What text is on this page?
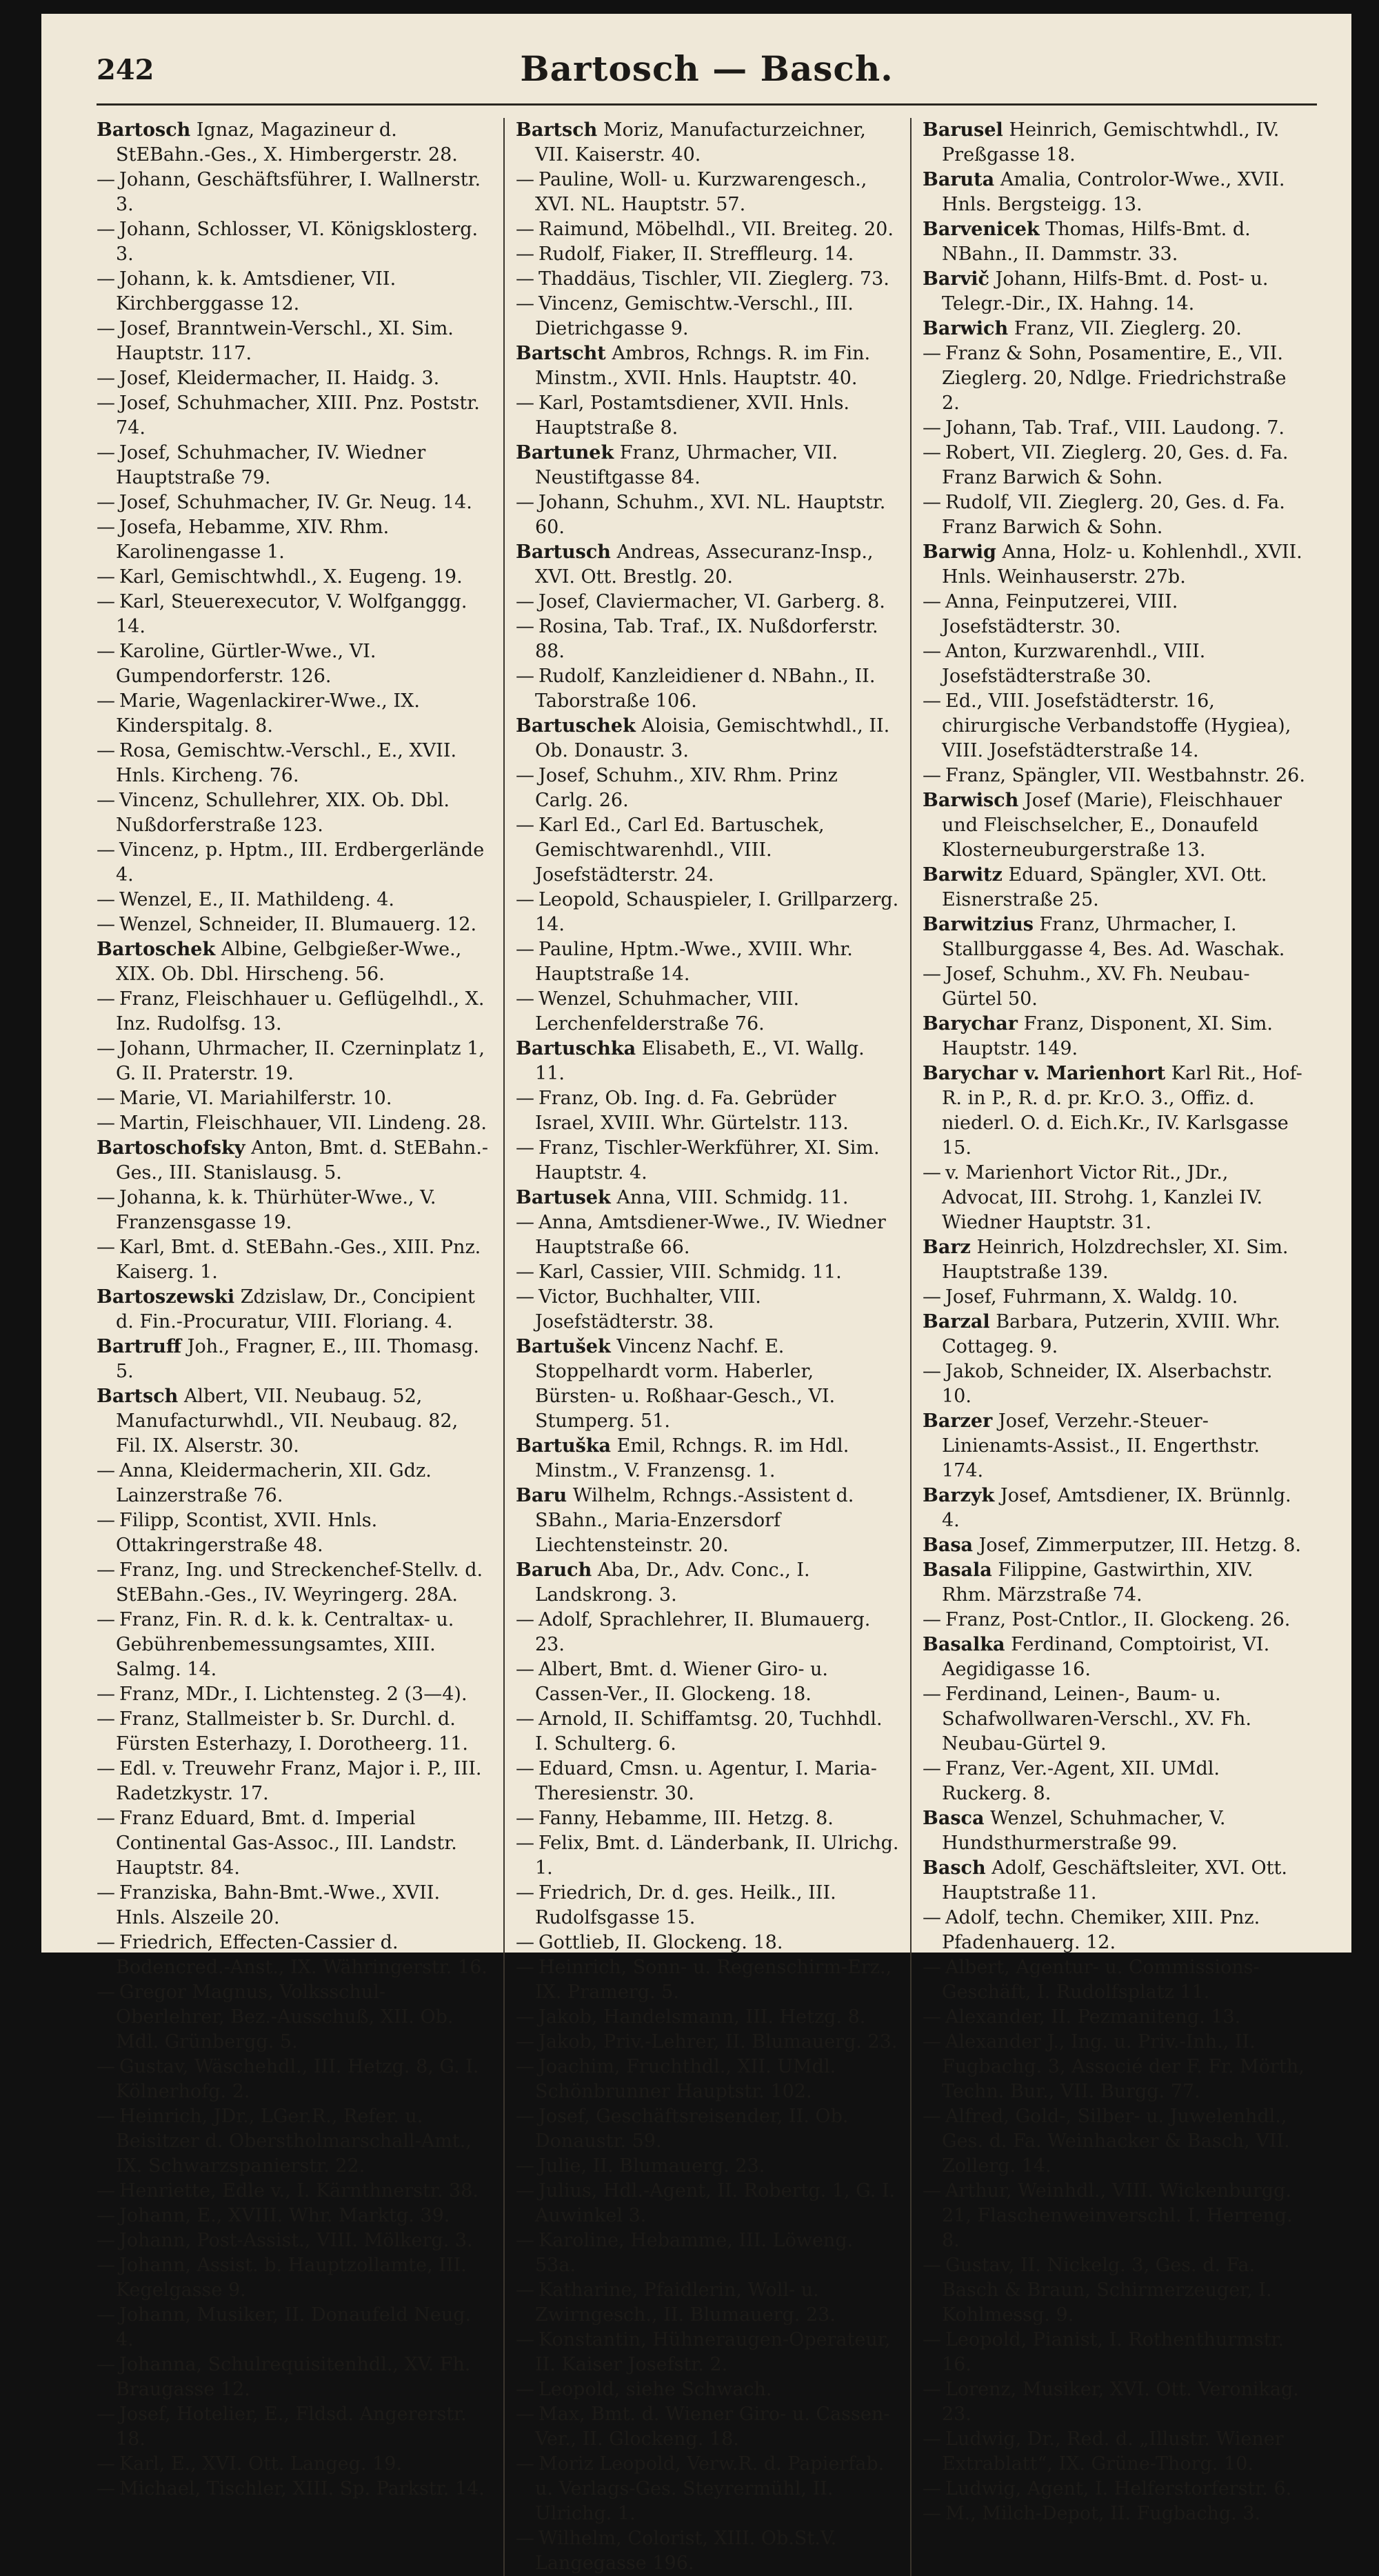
242	Bartosch — Basch.

Bartosch Ignaz, Magazineur d. StEBahn.-Ges., X. Himbergerstr. 28.

— Johann, Geschäftsführer, I. Wallnerstr. 3.

— Johann, Schlosser, VI. Königsklosterg. 3.

— Johann, k. k. Amtsdiener, VII. Kirchberggasse 12.

— Josef, Branntwein-Verschl., XI. Sim. Hauptstr. 117.

— Josef, Kleidermacher, II. Haidg. 3.

— Josef, Schuhmacher, XIII. Pnz. Poststr. 74.

— Josef, Schuhmacher, IV. Wiedner Hauptstraße 79.

— Josef, Schuhmacher, IV. Gr. Neug. 14.

— Josefa, Hebamme, XIV. Rhm. Karolinengasse 1.

— Karl, Gemischtwhdl., X. Eugeng. 19.

— Karl, Steuerexecutor, V. Wolfganggg. 14.

— Karoline, Gürtler-Wwe., VI. Gumpendorferstr. 126.

— Marie, Wagenlackirer-Wwe., IX. Kinderspitalg. 8.

— Rosa, Gemischtw.-Verschl., E., XVII. Hnls. Kircheng. 76.

— Vincenz, Schullehrer, XIX. Ob. Dbl. Nußdorferstraße 123.

— Vincenz, p. Hptm., III. Erdbergerlände 4.

— Wenzel, E., II. Mathildeng. 4.

— Wenzel, Schneider, II. Blumauerg. 12.

Bartoschek Albine, Gelbgießer-Wwe., XIX. Ob. Dbl. Hirscheng. 56.

— Franz, Fleischhauer u. Geflügelhdl., X. Inz. Rudolfsg. 13.

— Johann, Uhrmacher, II. Czerninplatz 1, G. II. Praterstr. 19.

— Marie, VI. Mariahilferstr. 10.

— Martin, Fleischhauer, VII. Lindeng. 28.

Bartoschofsky Anton, Bmt. d. StEBahn.-Ges., III. Stanislausg. 5.

— Johanna, k. k. Thürhüter-Wwe., V. Franzensgasse 19.

— Karl, Bmt. d. StEBahn.-Ges., XIII. Pnz. Kaiserg. 1.

Bartoszewski Zdzislaw, Dr., Concipient d. Fin.-Procuratur, VIII. Floriang. 4.

Bartruff Joh., Fragner, E., III. Thomasg. 5.

Bartsch Albert, VII. Neubaug. 52, Manufacturwhdl., VII. Neubaug. 82, Fil. IX. Alserstr. 30.

— Anna, Kleidermacherin, XII. Gdz. Lainzerstraße 76.

— Filipp, Scontist, XVII. Hnls. Ottakringerstraße 48.

— Franz, Ing. und Streckenchef-Stellv. d. StEBahn.-Ges., IV. Weyringerg. 28A.

— Franz, Fin. R. d. k. k. Centraltax- u. Gebührenbemessungsamtes, XIII. Salmg. 14.

— Franz, MDr., I. Lichtensteg. 2 (3—4).

— Franz, Stallmeister b. Sr. Durchl. d. Fürsten Esterhazy, I. Dorotheerg. 11.

— Edl. v. Treuwehr Franz, Major i. P., III. Radetzkystr. 17.

— Franz Eduard, Bmt. d. Imperial Continental Gas-Assoc., III. Landstr. Hauptstr. 84.

— Franziska, Bahn-Bmt.-Wwe., XVII. Hnls. Alszeile 20.

— Friedrich, Effecten-Cassier d. Bodencred.-Anst., IX. Währingerstr. 16.

— Gregor Magnus, Volksschul-Oberlehrer, Bez.-Ausschuß, XII. Ob. Mdl. Grünbergg. 5.

— Gustav, Wäschehdl., III. Hetzg. 8, G. I. Kölnerhofg. 2.

— Heinrich, JDr., LGer.R., Refer. u. Beisitzer d. Oberstholmarschall-Amt., IX. Schwarzspanierstr. 22.

— Henriette, Edle v., I. Kärnthnerstr. 38.

— Johann, E., XVIII. Whr. Marktg. 39.

— Johann, Post-Assist., VIII. Mölkerg. 3.

— Johann, Assist. b. Hauptzollamte, III. Kegelgasse 9.

— Johann, Musiker, II. Donaufeld Neug. 4.

— Johanna, Schulrequisitenhdl., XV. Fh. Braugasse 12.

— Josef, Hotelier, E., Fldsd. Angererstr. 18.

— Karl, E., XVI. Ott. Langeg. 19.

— Michael, Tischler, XIII. Sp. Parkstr. 14.

Bartsch Moriz, Manufacturzeichner, VII. Kaiserstr. 40.

— Pauline, Woll- u. Kurzwarengesch., XVI. NL. Hauptstr. 57.

— Raimund, Möbelhdl., VII. Breiteg. 20.

— Rudolf, Fiaker, II. Streffleurg. 14.

— Thaddäus, Tischler, VII. Zieglerg. 73.

— Vincenz, Gemischtw.-Verschl., III. Dietrichgasse 9.

Bartscht Ambros, Rchngs. R. im Fin. Minstm., XVII. Hnls. Hauptstr. 40.

— Karl, Postamtsdiener, XVII. Hnls. Hauptstraße 8.

Bartunek Franz, Uhrmacher, VII. Neustiftgasse 84.

— Johann, Schuhm., XVI. NL. Hauptstr. 60.

Bartusch Andreas, Assecuranz-Insp., XVI. Ott. Brestlg. 20.

— Josef, Claviermacher, VI. Garberg. 8.

— Rosina, Tab. Traf., IX. Nußdorferstr. 88.

— Rudolf, Kanzleidiener d. NBahn., II. Taborstraße 106.

Bartuschek Aloisia, Gemischtwhdl., II. Ob. Donaustr. 3.

— Josef, Schuhm., XIV. Rhm. Prinz Carlg. 26.

— Karl Ed., Carl Ed. Bartuschek, Gemischtwarenhdl., VIII. Josefstädterstr. 24.

— Leopold, Schauspieler, I. Grillparzerg. 14.

— Pauline, Hptm.-Wwe., XVIII. Whr. Hauptstraße 14.

— Wenzel, Schuhmacher, VIII. Lerchenfelderstraße 76.

Bartuschka Elisabeth, E., VI. Wallg. 11.

— Franz, Ob. Ing. d. Fa. Gebrüder Israel, XVIII. Whr. Gürtelstr. 113.

— Franz, Tischler-Werkführer, XI. Sim. Hauptstr. 4.

Bartusek Anna, VIII. Schmidg. 11.

— Anna, Amtsdiener-Wwe., IV. Wiedner Hauptstraße 66.

— Karl, Cassier, VIII. Schmidg. 11.

— Victor, Buchhalter, VIII. Josefstädterstr. 38.

Bartušek Vincenz Nachf. E. Stoppelhardt vorm. Haberler, Bürsten- u. Roßhaar-Gesch., VI. Stumperg. 51.

Bartuška Emil, Rchngs. R. im Hdl. Minstm., V. Franzensg. 1.

Baru Wilhelm, Rchngs.-Assistent d. SBahn., Maria-Enzersdorf Liechtensteinstr. 20.

Baruch Aba, Dr., Adv. Conc., I. Landskrong. 3.

— Adolf, Sprachlehrer, II. Blumauerg. 23.

— Albert, Bmt. d. Wiener Giro- u. Cassen-Ver., II. Glockeng. 18.

— Arnold, II. Schiffamtsg. 20, Tuchhdl. I. Schulterg. 6.

— Eduard, Cmsn. u. Agentur, I. Maria-Theresienstr. 30.

— Fanny, Hebamme, III. Hetzg. 8.

— Felix, Bmt. d. Länderbank, II. Ulrichg. 1.

— Friedrich, Dr. d. ges. Heilk., III. Rudolfsgasse 15.

— Gottlieb, II. Glockeng. 18.

— Heinrich, Sonn- u. Regenschirm-Erz., IX. Pramerg. 5.

— Jakob, Handelsmann, III. Hetzg. 8.

— Jakob, Priv.-Lehrer, II. Blumauerg. 23.

— Joachim, Fruchthdl., XII. UMdl. Schönbrunner Hauptstr. 102.

— Josef, Geschäftsreisender, II. Ob. Donaustr. 59.

— Julie, II. Blumauerg. 23.

— Julius, Hdl.-Agent, II. Robertg. 1, G. I. Auwinkel 3.

— Karoline, Hebamme, III. Löweng. 53a.

— Katharine, Pfaidlerin, Woll- u. Zwirngesch., II. Blumauerg. 23.

— Konstantin, Hühneraugen-Operateur, II. Kaiser Josefstr. 2.

— Leopold, siehe Schwach.

— Max, Bmt. d. Wiener Giro- u. Cassen-Ver., II. Glockeng. 18.

— Moriz Leopold, Verw.R. d. Papierfab. u. Verlags-Ges. Steyrermühl, II. Ulrichg. 1.

— Wilhelm, Colorist, XIII. Ob.St.V. Langegasse 196.

Barusel Heinrich, Gemischtwhdl., IV. Preßgasse 18.

Baruta Amalia, Controlor-Wwe., XVII. Hnls. Bergsteigg. 13.

Barvenicek Thomas, Hilfs-Bmt. d. NBahn., II. Dammstr. 33.

Barvič Johann, Hilfs-Bmt. d. Post- u. Telegr.-Dir., IX. Hahng. 14.

Barwich Franz, VII. Zieglerg. 20.

— Franz & Sohn, Posamentire, E., VII. Zieglerg. 20, Ndlge. Friedrichstraße 2.

— Johann, Tab. Traf., VIII. Laudong. 7.

— Robert, VII. Zieglerg. 20, Ges. d. Fa. Franz Barwich & Sohn.

— Rudolf, VII. Zieglerg. 20, Ges. d. Fa. Franz Barwich & Sohn.

Barwig Anna, Holz- u. Kohlenhdl., XVII. Hnls. Weinhauserstr. 27b.

— Anna, Feinputzerei, VIII. Josefstädterstr. 30.

— Anton, Kurzwarenhdl., VIII. Josefstädterstraße 30.

— Ed., VIII. Josefstädterstr. 16, chirurgische Verbandstoffe (Hygiea), VIII. Josefstädterstraße 14.

— Franz, Spängler, VII. Westbahnstr. 26.

Barwisch Josef (Marie), Fleischhauer und Fleischselcher, E., Donaufeld Klosterneuburgerstraße 13.

Barwitz Eduard, Spängler, XVI. Ott. Eisnerstraße 25.

Barwitzius Franz, Uhrmacher, I. Stallburggasse 4, Bes. Ad. Waschak.

— Josef, Schuhm., XV. Fh. Neubau-Gürtel 50.

Barychar Franz, Disponent, XI. Sim. Hauptstr. 149.

Barychar v. Marienhort Karl Rit., Hof-R. in P., R. d. pr. Kr.O. 3., Offiz. d. niederl. O. d. Eich.Kr., IV. Karlsgasse 15.

— v. Marienhort Victor Rit., JDr., Advocat, III. Strohg. 1, Kanzlei IV. Wiedner Hauptstr. 31.

Barz Heinrich, Holzdrechsler, XI. Sim. Hauptstraße 139.

— Josef, Fuhrmann, X. Waldg. 10.

Barzal Barbara, Putzerin, XVIII. Whr. Cottageg. 9.

— Jakob, Schneider, IX. Alserbachstr. 10.

Barzer Josef, Verzehr.-Steuer-Linienamts-Assist., II. Engerthstr. 174.

Barzyk Josef, Amtsdiener, IX. Brünnlg. 4.

Basa Josef, Zimmerputzer, III. Hetzg. 8.

Basala Filippine, Gastwirthin, XIV. Rhm. Märzstraße 74.

— Franz, Post-Cntlor., II. Glockeng. 26.

Basalka Ferdinand, Comptoirist, VI. Aegidigasse 16.

— Ferdinand, Leinen-, Baum- u. Schafwollwaren-Verschl., XV. Fh. Neubau-Gürtel 9.

— Franz, Ver.-Agent, XII. UMdl. Ruckerg. 8.

Basca Wenzel, Schuhmacher, V. Hundsthurmerstraße 99.

Basch Adolf, Geschäftsleiter, XVI. Ott. Hauptstraße 11.

— Adolf, techn. Chemiker, XIII. Pnz. Pfadenhauerg. 12.

— Albert, Agentur- u. Commissions-Geschäft, I. Rudolfsplatz 11.

— Alexander, II. Pezmaniteng. 13.

— Alexander J., Ing. u. Priv.-Inh., II. Fugbachg. 3, Associé der F. Fr. Mörth, Techn. Bur., VII. Burgg. 77.

— Alfred, Gold-, Silber- u. Juwelenhdl., Ges. d. Fa. Weinhacker & Basch, VII. Zollerg. 14.

— Arthur, Weinhdl., VIII. Wickenburgg. 21, Flaschenweinverschl. I. Herreng. 8.

— Gustav, II. Nickelg. 3, Ges. d. Fa. Basch & Braun, Schirmerzeuger, I. Kohlmessg. 9.

— Leopold, Pianist, I. Rothenthurmstr. 16.

— Lorenz, Musiker, XVI. Ott. Veronikag. 23.

— Ludwig, Dr., Red. d. „Illustr. Wiener Extrablatt“, IX. Grüne-Thorg. 10.

— Ludwig, Agent, I. Helferstorferstr. 6.

— M., Milch-Depot, II. Fugbachg. 3.
